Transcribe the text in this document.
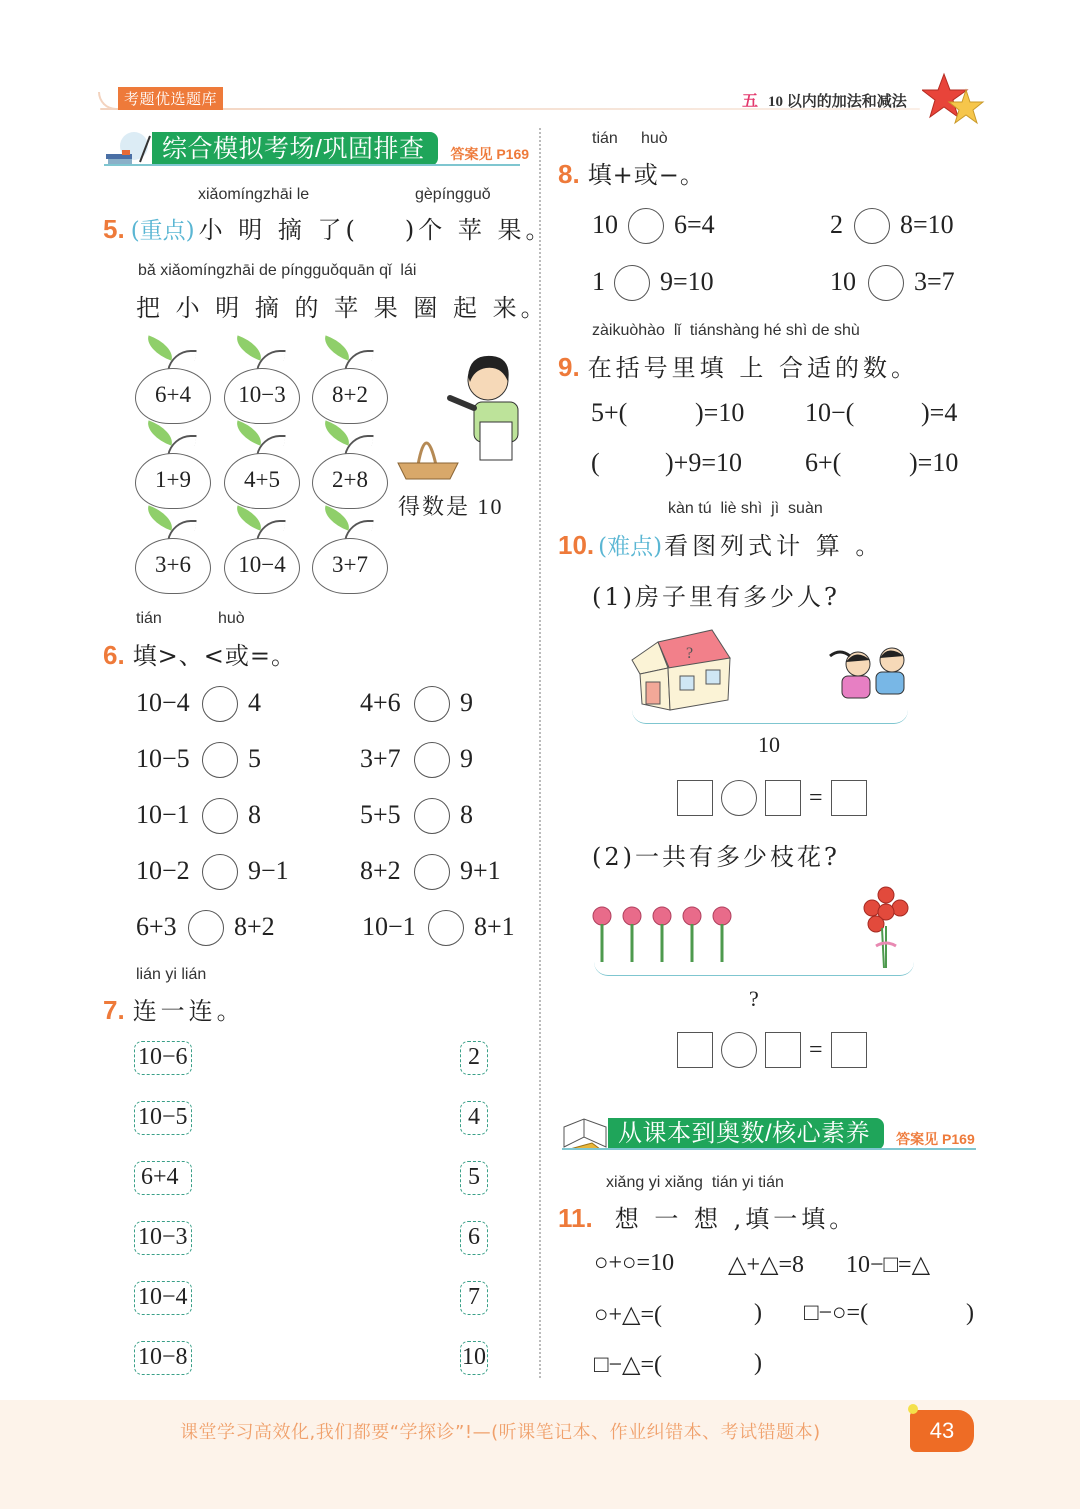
考题优选题库	五 10 以内的加法和减法
综合模拟考场/巩固排查	答案见 P169
xiǎomíngzhāi le	gèpíngguǒ
5. (重点) 小 明 摘 了( )个 苹 果。
bǎ xiǎomíngzhāi de píngguǒquān qǐ  lái
把 小 明 摘 的 苹 果 圈 起 来。
6+4	10−3	8+2
1+9	4+5	2+8
3+6	10−4	3+7
得数是 10
tián	huò
6. 填>、<或=。
10−4 4	4+6 9
10−5 5	3+7 9
10−1 8	5+5 8
10−2 9−1	8+2 9+1
6+3 8+2	10−1 8+1
lián yi lián
7. 连一连。
10−6
10−5
6+4
10−3
10−4
10−8
2
4
5
6
7
10
tián huò
8. 填+或−。
10 6=4	2 8=10
1 9=10	10 3=7
zàikuòhào  lǐ  tiánshàng hé shì de shù
9. 在括号里填 上 合适的数。
5+(	)=10 10−(	)=4
(	)+9=10 6+(	)=10
kàn tú  liè shì  jì  suàn
10. (难点) 看图列式计 算 。
(1)房子里有多少人?
?
10
=
(2)一共有多少枝花?
?
=
从课本到奥数/核心素养	答案见 P169
xiǎng yi xiǎng  tián yi tián
11. 想 一 想 ,填一填。
○+○=10 △+△=8 10−□=△
○+△=(	) □−○=(	)
□−△=(	)
课堂学习高效化,我们都要“学探诊”!—(听课笔记本、作业纠错本、考试错题本)	43
